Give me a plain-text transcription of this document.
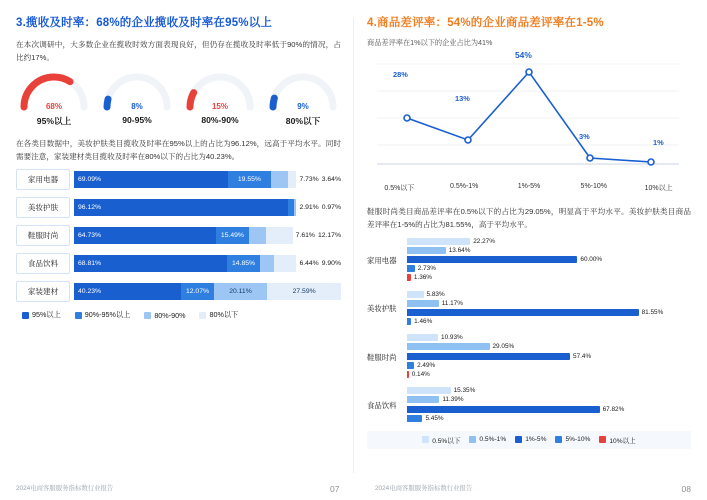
3.揽收及时率：68%的企业揽收及时率在95%以上

在本次调研中，大多数企业在揽收时效方面表现良好，但仍存在揽收及时率低于90%的情况，占比约17%。

68%
95%以上
8%
90-95%
15%
80%-90%
9%
80%以下

在各类目数据中，美妆护肤类目揽收及时率在95%以上的占比为96.12%，远高于平均水平。同时需要注意，家装建材类目揽收及时率在80%以下的占比为40.23%。

家用电器	69.09%	19.55%	7.73% 3.64%
美妆护肤	96.12%	2.91% 0.97%
鞋服时尚	64.73%	15.49%	7.61% 12.17%
食品饮料	68.81%	14.85%	6.44% 9.90%
家装建材	40.23%	12.07%	20.11%	27.59%
95%以上	90%-95%以上	80%-90%	80%以下
4.商品差评率：54%的企业商品差评率在1-5%

商品差评率在1%以下的企业占比为41%

28%
13%
54%
3%
1%
0.5%以下	0.5%-1%	1%-5%	5%-10%	10%以上

鞋服时尚类目商品差评率在0.5%以下的占比为29.05%，明显高于平均水平。美妆护肤类目商品差评率在1-5%的占比为81.55%，高于平均水平。

家用电器
22.27%
13.64%
60.00%
2.73%
1.36%
美妆护肤
5.83%
11.17%
81.55%
1.46%
鞋服时尚
10.93%
29.05%
57.4%
2.49%
0.14%
食品饮料
15.35%
11.39%
67.82%
5.45%
0.5%以下	0.5%-1%	1%-5%	5%-10%	10%以上
2024电商客服服务指标数行业报告	07	2024电商客服服务指标数行业报告	08
